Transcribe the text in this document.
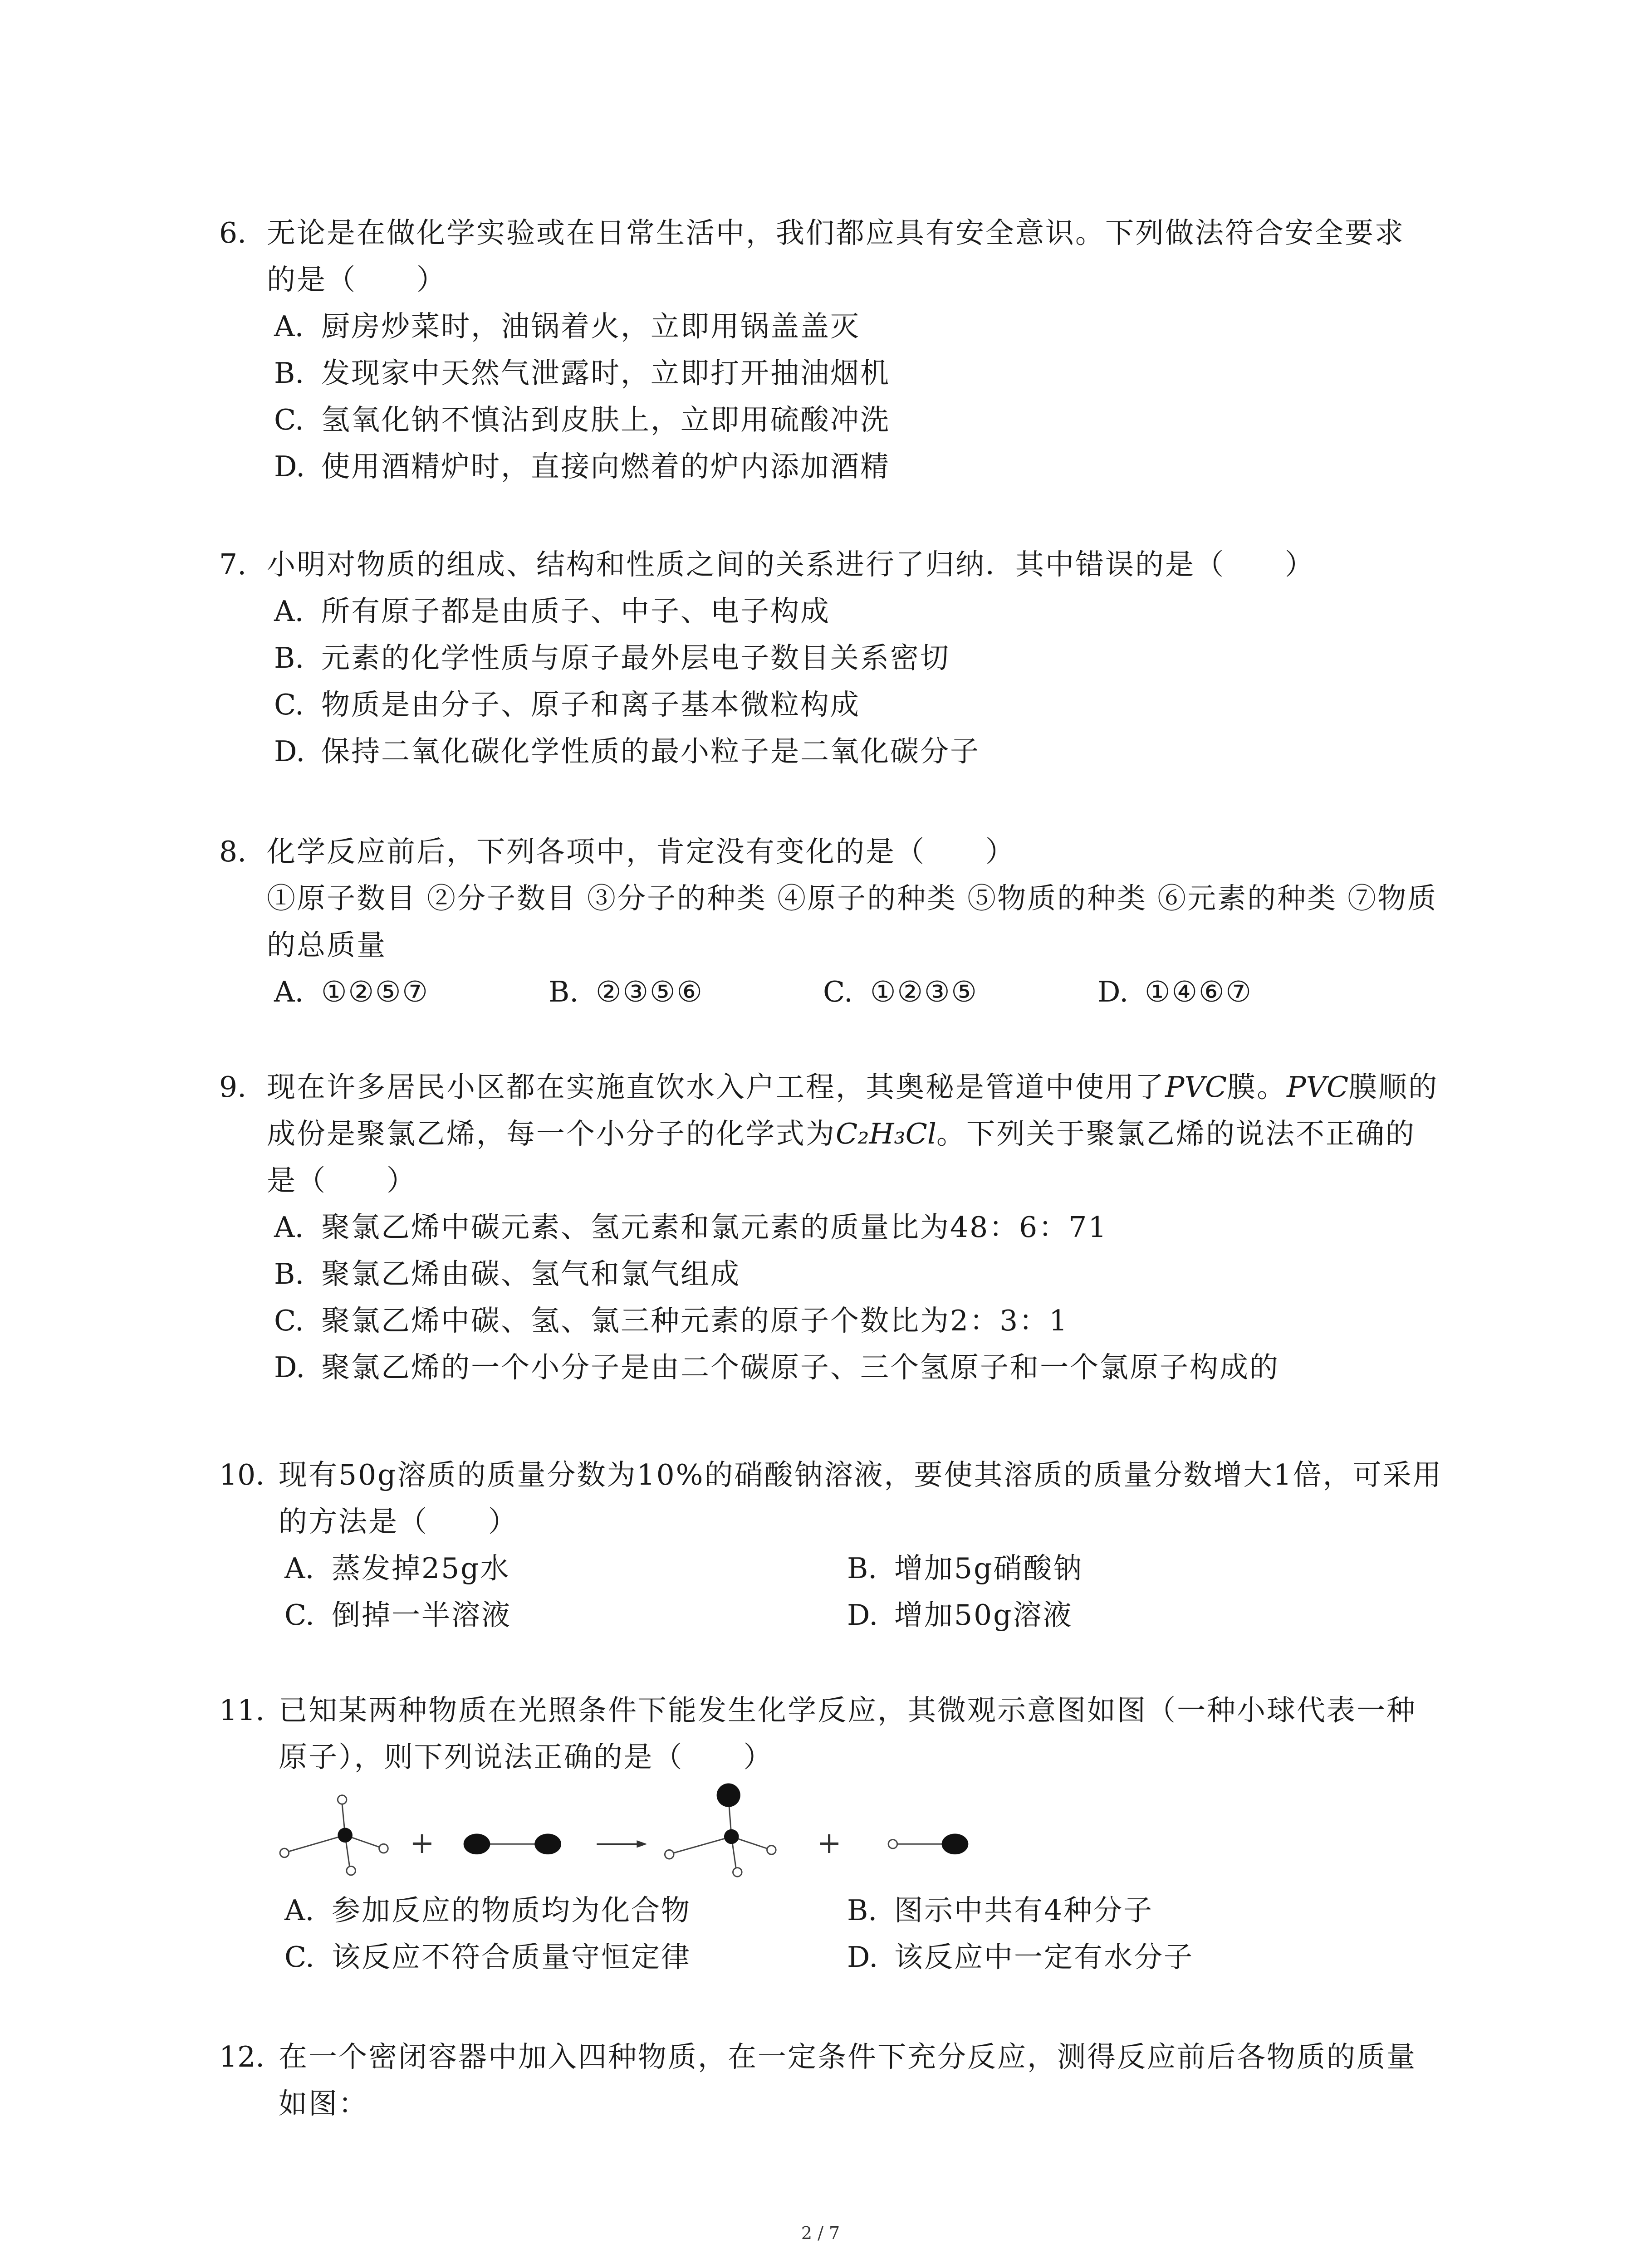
6. 无论是在做化学实验或在日常生活中，我们都应具有安全意识。下列做法符合安全要求
的是（　　）
A. 厨房炒菜时，油锅着火，立即用锅盖盖灭
B. 发现家中天然气泄露时，立即打开抽油烟机
C. 氢氧化钠不慎沾到皮肤上，立即用硫酸冲洗
D. 使用酒精炉时，直接向燃着的炉内添加酒精
7. 小明对物质的组成、结构和性质之间的关系进行了归纳．其中错误的是（　　）
A. 所有原子都是由质子、中子、电子构成
B. 元素的化学性质与原子最外层电子数目关系密切
C. 物质是由分子、原子和离子基本微粒构成
D. 保持二氧化碳化学性质的最小粒子是二氧化碳分子
8. 化学反应前后，下列各项中，肯定没有变化的是（　　）
①原子数目 ②分子数目 ③分子的种类 ④原子的种类 ⑤物质的种类 ⑥元素的种类 ⑦物质
的总质量
A. ①②⑤⑦	B. ②③⑤⑥	C. ①②③⑤	D. ①④⑥⑦
9. 现在许多居民小区都在实施直饮水入户工程，其奥秘是管道中使用了PVC膜。PVC膜顺的
成份是聚氯乙烯，每一个小分子的化学式为C₂H₃Cl。下列关于聚氯乙烯的说法不正确的
是（　　）
A. 聚氯乙烯中碳元素、氢元素和氯元素的质量比为48：6：71
B. 聚氯乙烯由碳、氢气和氯气组成
C. 聚氯乙烯中碳、氢、氯三种元素的原子个数比为2：3：1
D. 聚氯乙烯的一个小分子是由二个碳原子、三个氢原子和一个氯原子构成的
10. 现有50g溶质的质量分数为10%的硝酸钠溶液，要使其溶质的质量分数增大1倍，可采用
的方法是（　　）
A. 蒸发掉25g水	B. 增加5g硝酸钠
C. 倒掉一半溶液	D. 增加50g溶液
11. 已知某两种物质在光照条件下能发生化学反应，其微观示意图如图（一种小球代表一种
原子），则下列说法正确的是（　　）
+	+
A. 参加反应的物质均为化合物	B. 图示中共有4种分子
C. 该反应不符合质量守恒定律	D. 该反应中一定有水分子
12. 在一个密闭容器中加入四种物质，在一定条件下充分反应，测得反应前后各物质的质量
如图：
2 / 7
